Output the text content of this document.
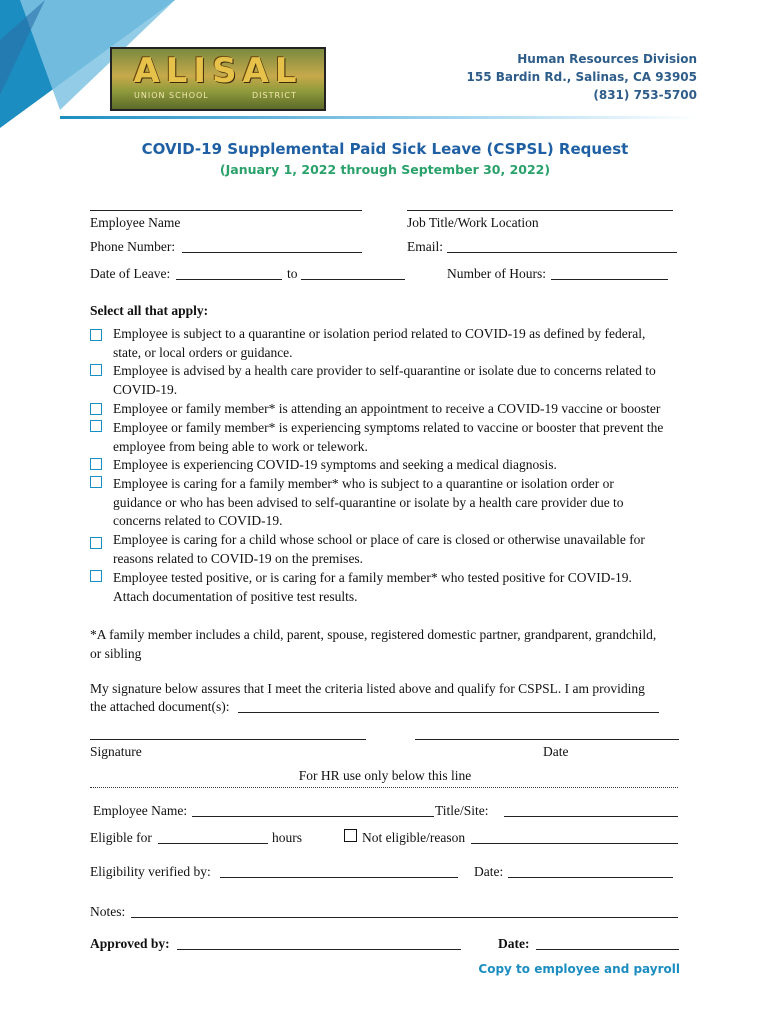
ALISAL
UNION SCHOOL	DISTRICT
Human Resources Division
155 Bardin Rd., Salinas, CA 93905
(831) 753-5700
COVID-19 Supplemental Paid Sick Leave (CSPSL) Request
(January 1, 2022 through September 30, 2022)
Employee Name	Job Title/Work Location
Phone Number:	Email:
Date of Leave:	to	Number of Hours:
Select all that apply:
Employee is subject to a quarantine or isolation period related to COVID-19 as defined by federal,
state, or local orders or guidance.
Employee is advised by a health care provider to self-quarantine or isolate due to concerns related to
COVID-19.
Employee or family member* is attending an appointment to receive a COVID-19 vaccine or booster
Employee or family member* is experiencing symptoms related to vaccine or booster that prevent the
employee from being able to work or telework.
Employee is experiencing COVID-19 symptoms and seeking a medical diagnosis.
Employee is caring for a family member* who is subject to a quarantine or isolation order or
guidance or who has been advised to self-quarantine or isolate by a health care provider due to
concerns related to COVID-19.
Employee is caring for a child whose school or place of care is closed or otherwise unavailable for
reasons related to COVID-19 on the premises.
Employee tested positive, or is caring for a family member* who tested positive for COVID-19.
Attach documentation of positive test results.
*A family member includes a child, parent, spouse, registered domestic partner, grandparent, grandchild,
or sibling
My signature below assures that I meet the criteria listed above and qualify for CSPSL. I am providing
the attached document(s):
Signature	Date
For HR use only below this line
Employee Name:	Title/Site:
Eligible for	hours	Not eligible/reason
Eligibility verified by:	Date:
Notes:
Approved by:	Date:
Copy to employee and payroll
